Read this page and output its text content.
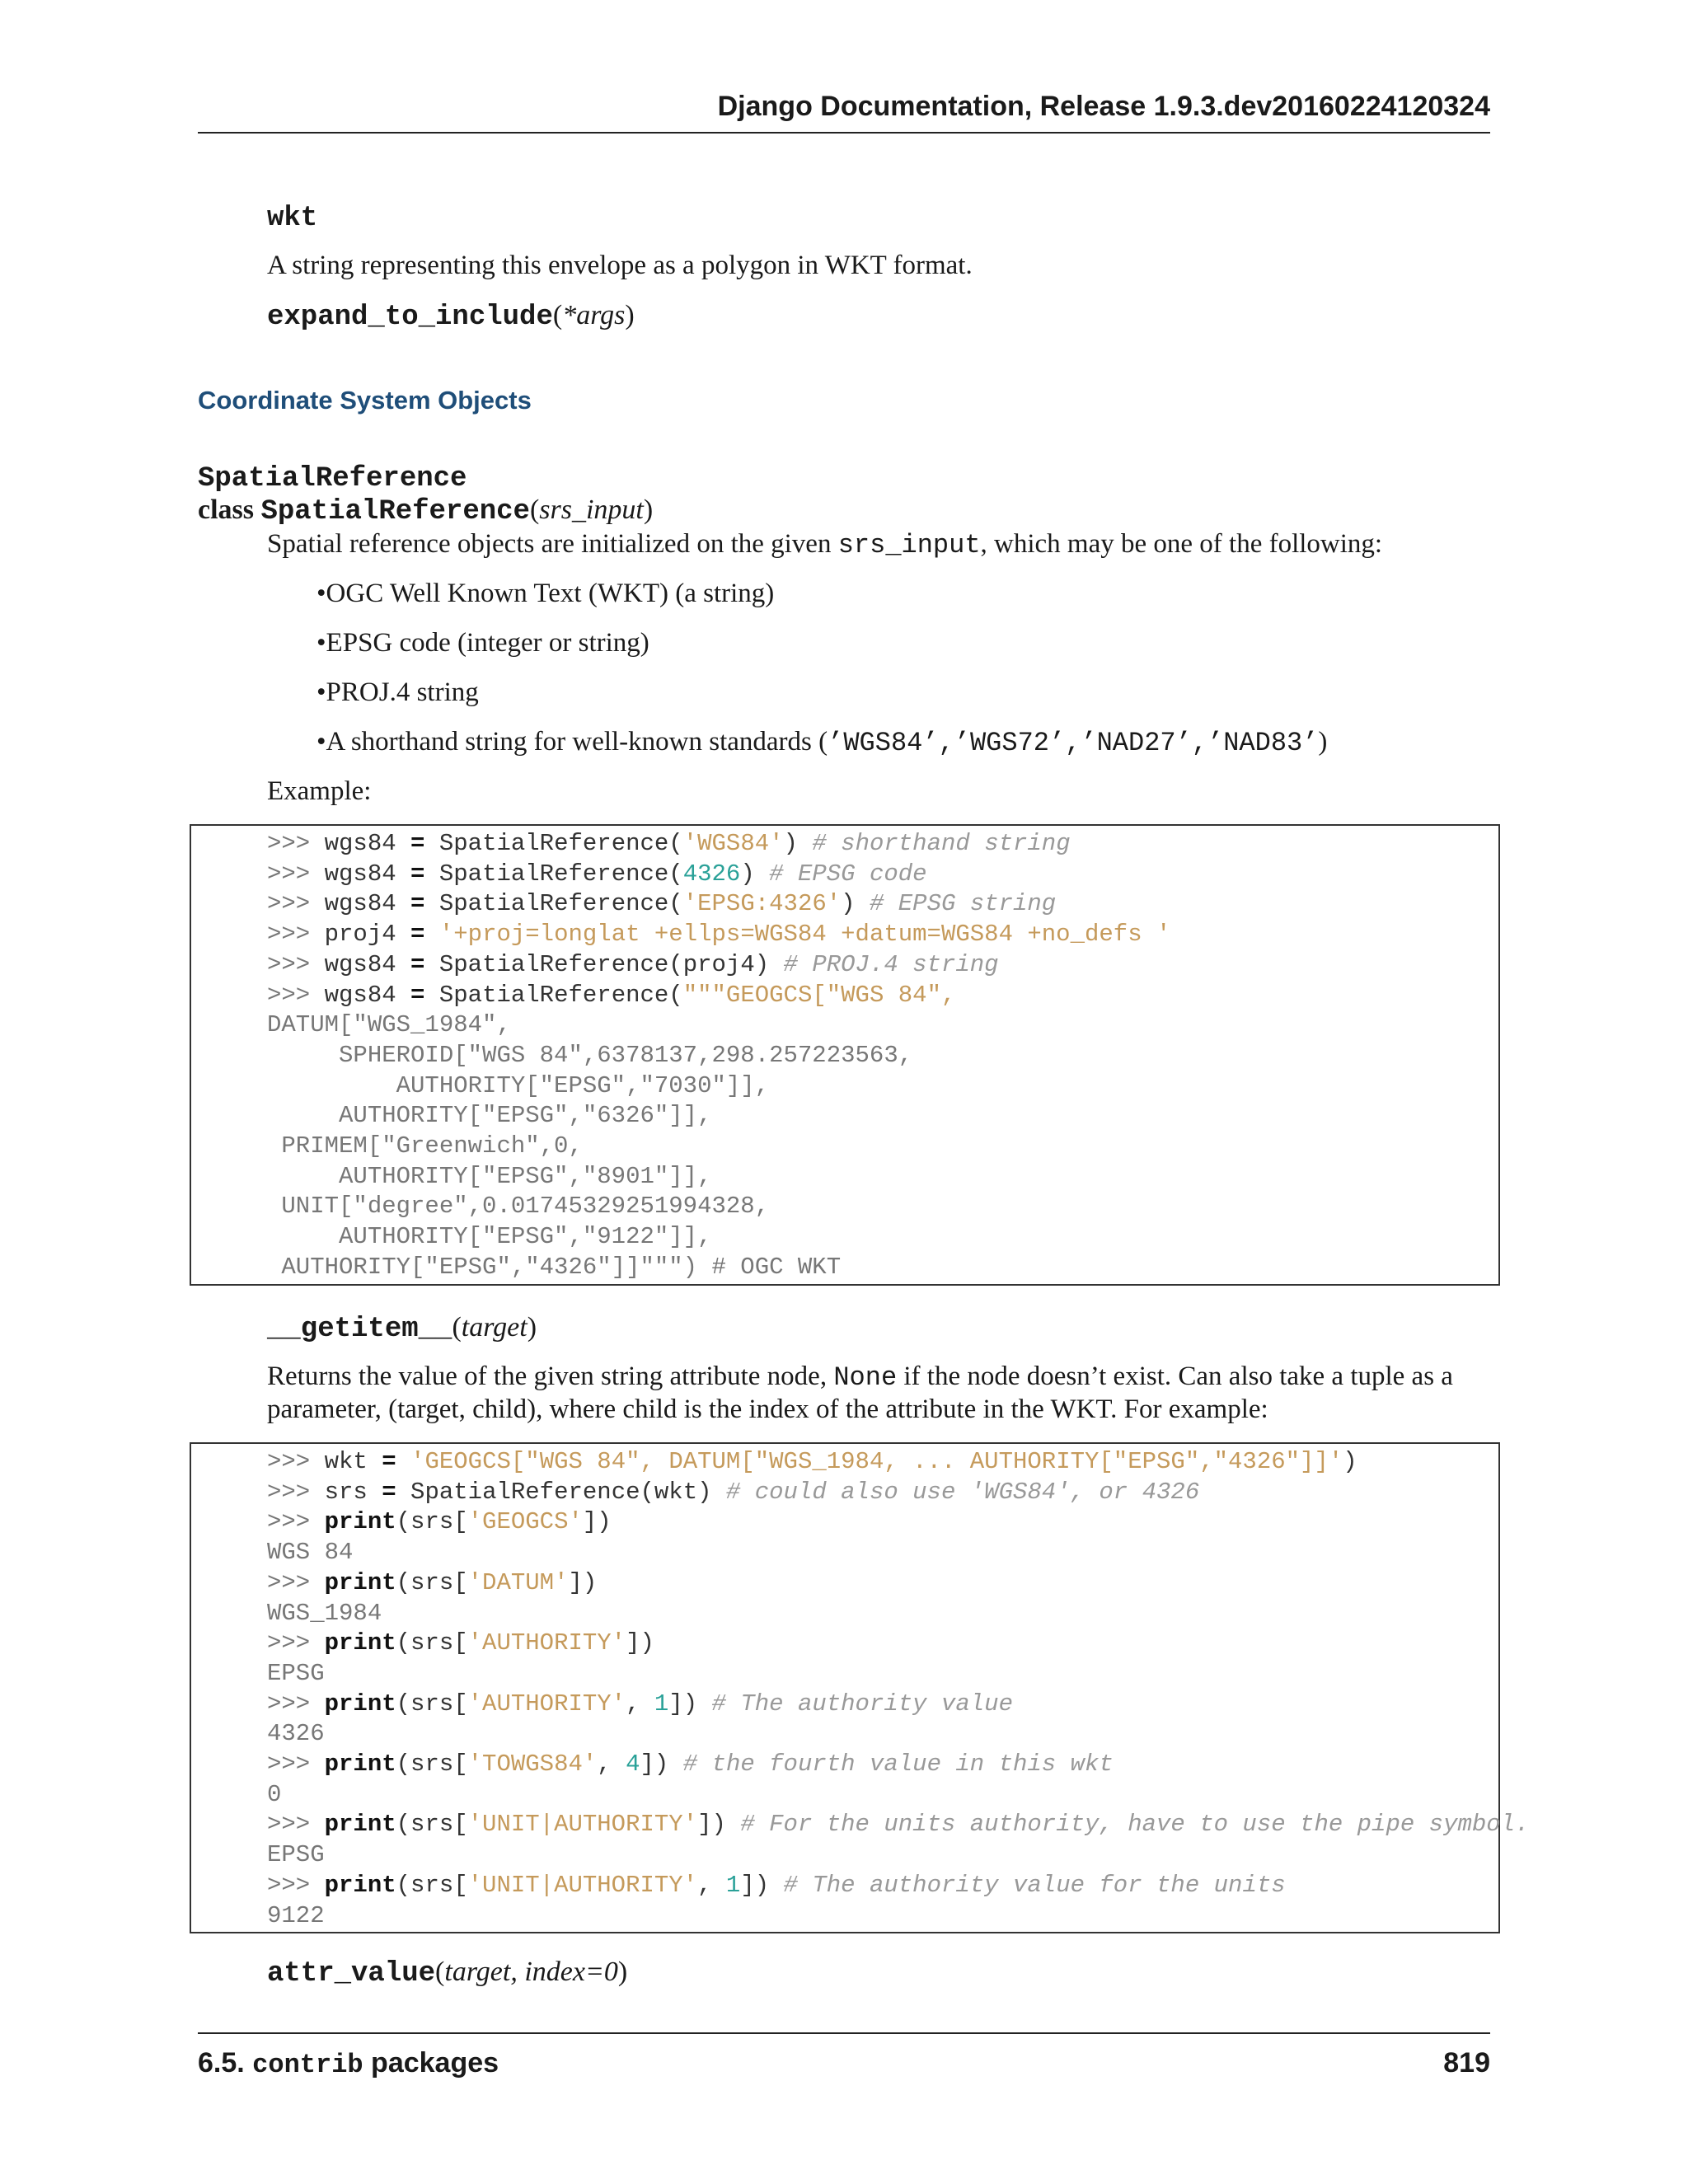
Django Documentation, Release 1.9.3.dev20160224120324
wkt
A string representing this envelope as a polygon in WKT format.
expand_to_include(*args)
Coordinate System Objects
SpatialReference
class SpatialReference(srs_input)
Spatial reference objects are initialized on the given srs_input, which may be one of the following:
•OGC Well Known Text (WKT) (a string)
•EPSG code (integer or string)
•PROJ.4 string
•A shorthand string for well-known standards (’WGS84’,’WGS72’,’NAD27’,’NAD83’)
Example:
>>> wgs84 = SpatialReference('WGS84') # shorthand string
>>> wgs84 = SpatialReference(4326) # EPSG code
>>> wgs84 = SpatialReference('EPSG:4326') # EPSG string
>>> proj4 = '+proj=longlat +ellps=WGS84 +datum=WGS84 +no_defs '
>>> wgs84 = SpatialReference(proj4) # PROJ.4 string
>>> wgs84 = SpatialReference("""GEOGCS["WGS 84",
DATUM["WGS_1984",
SPHEROID["WGS 84",6378137,298.257223563,
AUTHORITY["EPSG","7030"]],
AUTHORITY["EPSG","6326"]],
PRIMEM["Greenwich",0,
AUTHORITY["EPSG","8901"]],
UNIT["degree",0.01745329251994328,
AUTHORITY["EPSG","9122"]],
AUTHORITY["EPSG","4326"]]""") # OGC WKT
__getitem__(target)
Returns the value of the given string attribute node, None if the node doesn’t exist. Can also take a tuple as a
parameter, (target, child), where child is the index of the attribute in the WKT. For example:
>>> wkt = 'GEOGCS["WGS 84", DATUM["WGS_1984, ... AUTHORITY["EPSG","4326"]]')
>>> srs = SpatialReference(wkt) # could also use 'WGS84', or 4326
>>> print(srs['GEOGCS'])
WGS 84
>>> print(srs['DATUM'])
WGS_1984
>>> print(srs['AUTHORITY'])
EPSG
>>> print(srs['AUTHORITY', 1]) # The authority value
4326
>>> print(srs['TOWGS84', 4]) # the fourth value in this wkt
0
>>> print(srs['UNIT|AUTHORITY']) # For the units authority, have to use the pipe symbol.
EPSG
>>> print(srs['UNIT|AUTHORITY', 1]) # The authority value for the units
9122
attr_value(target, index=0)
6.5. contrib packages	819
